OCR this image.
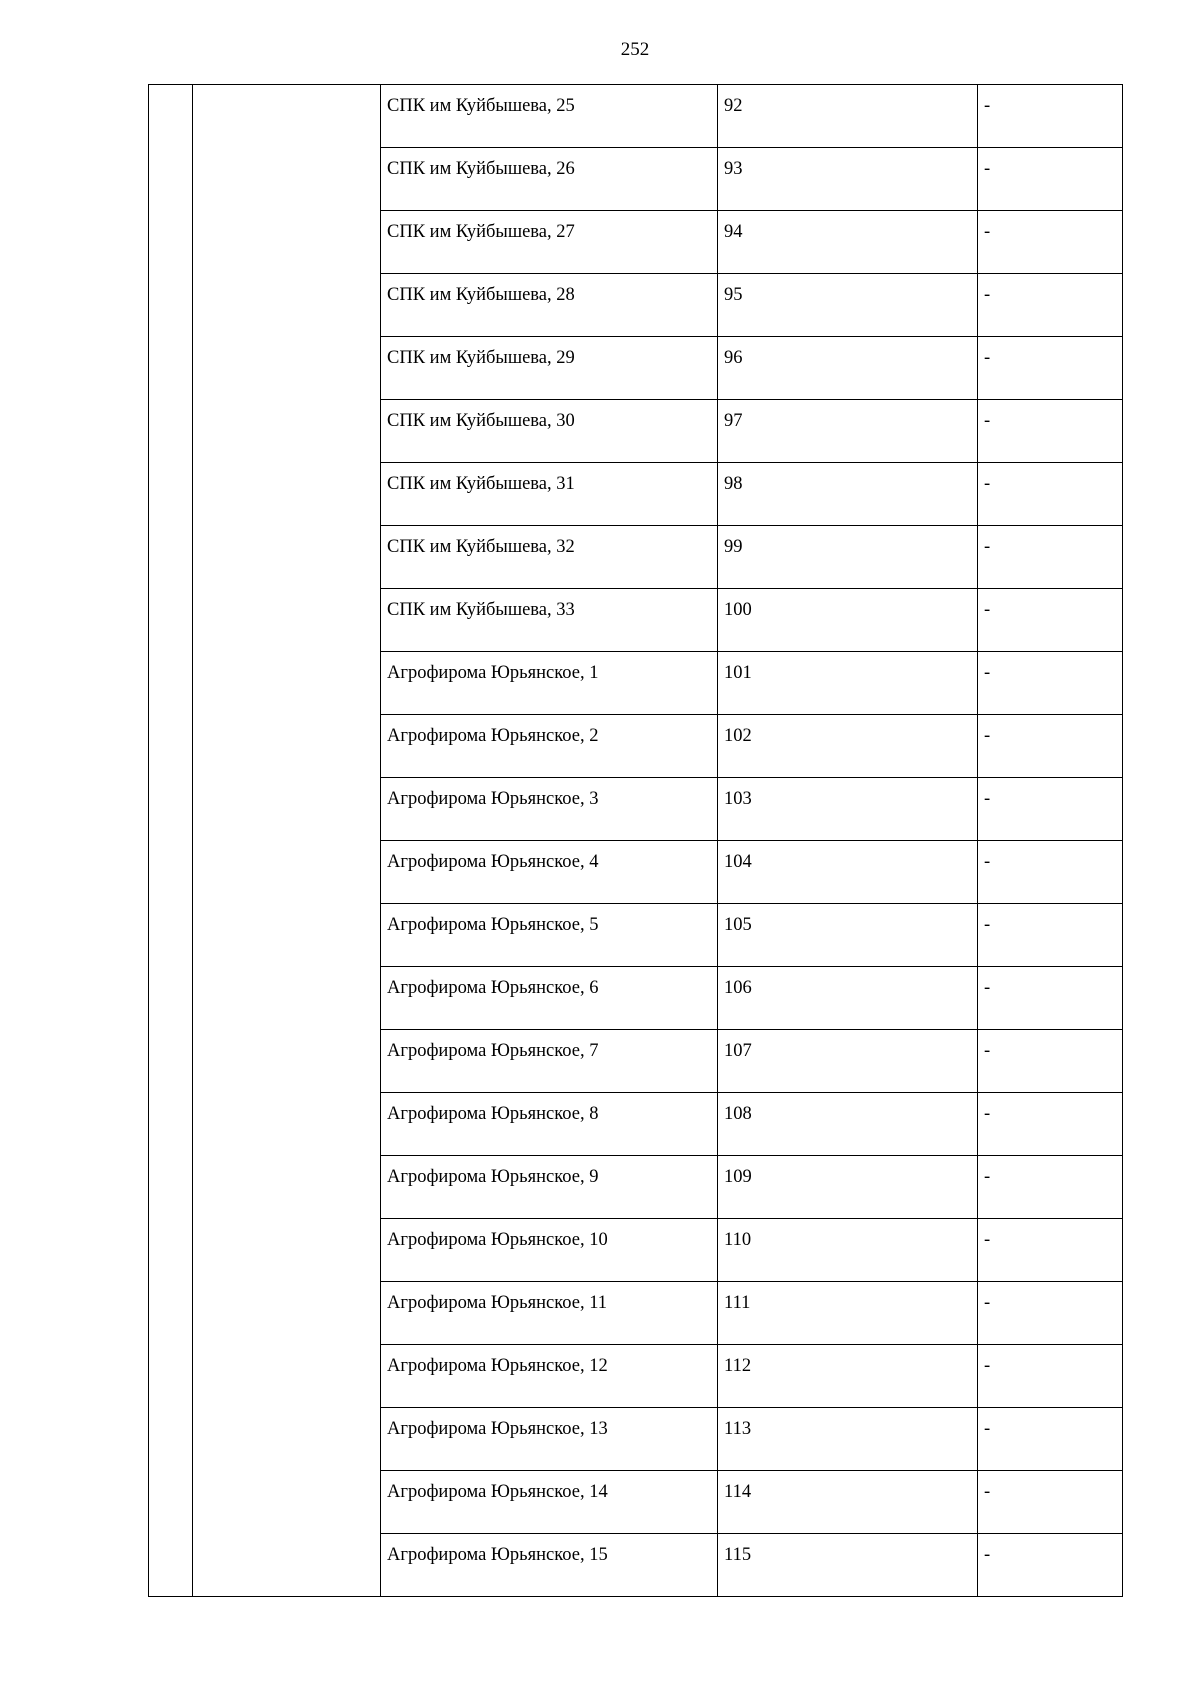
252

		СПК им Куйбышева, 25	92	-

		СПК им Куйбышева, 26	93	-

		СПК им Куйбышева, 27	94	-

		СПК им Куйбышева, 28	95	-

		СПК им Куйбышева, 29	96	-

		СПК им Куйбышева, 30	97	-

		СПК им Куйбышева, 31	98	-

		СПК им Куйбышева, 32	99	-

		СПК им Куйбышева, 33	100	-

		Агрофирома Юрьянское, 1	101	-

		Агрофирома Юрьянское, 2	102	-

		Агрофирома Юрьянское, 3	103	-

		Агрофирома Юрьянское, 4	104	-

		Агрофирома Юрьянское, 5	105	-

		Агрофирома Юрьянское, 6	106	-

		Агрофирома Юрьянское, 7	107	-

		Агрофирома Юрьянское, 8	108	-

		Агрофирома Юрьянское, 9	109	-

		Агрофирома Юрьянское, 10	110	-

		Агрофирома Юрьянское, 11	111	-

		Агрофирома Юрьянское, 12	112	-

		Агрофирома Юрьянское, 13	113	-

		Агрофирома Юрьянское, 14	114	-

		Агрофирома Юрьянское, 15	115	-
